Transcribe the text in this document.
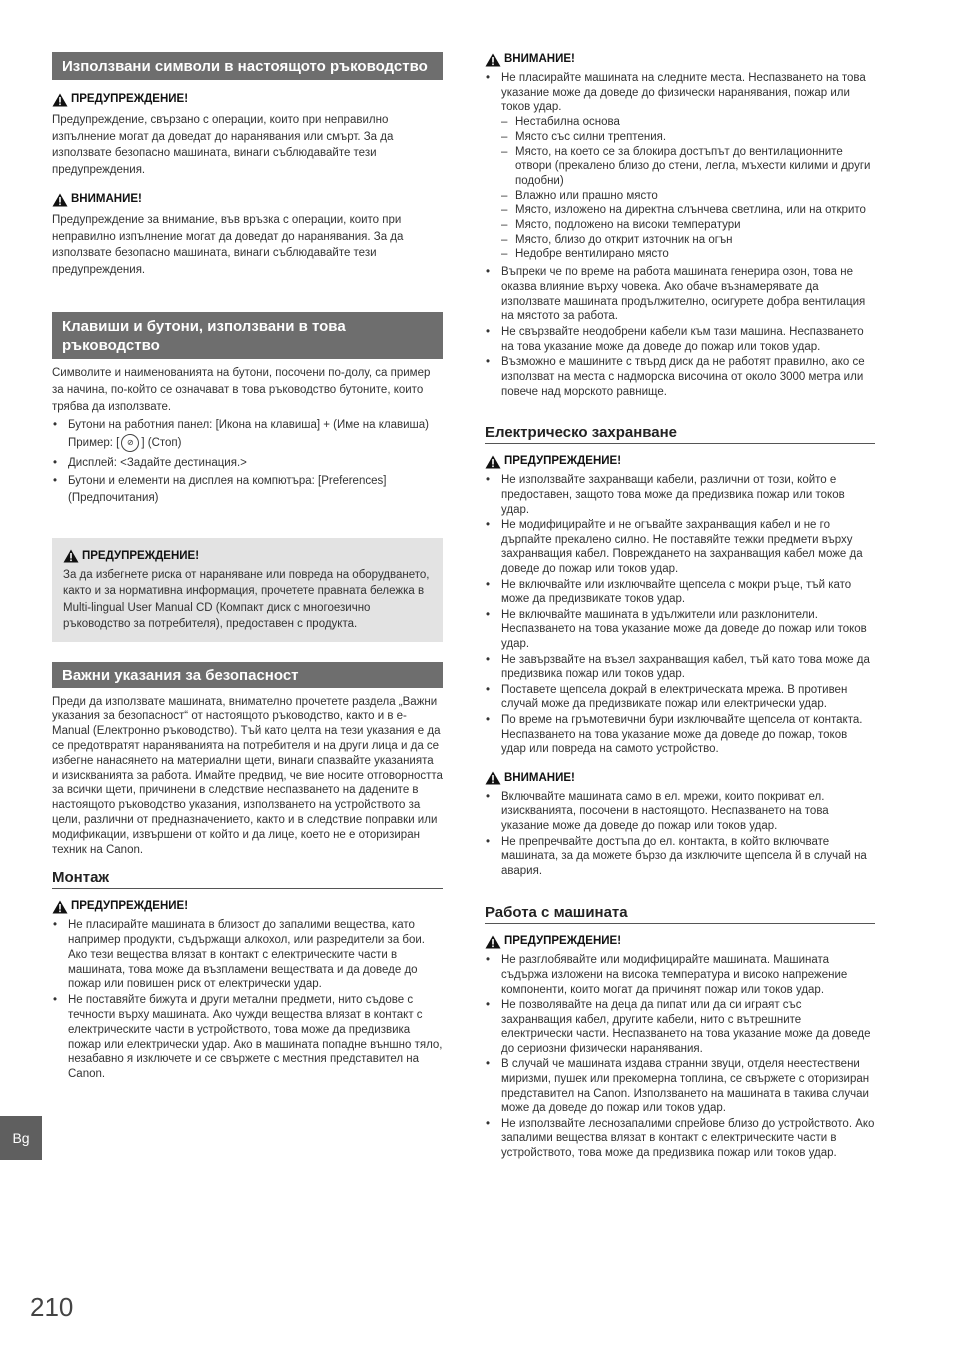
Използвани символи в настоящото ръководство
ПРЕДУПРЕЖДЕНИЕ!

Предупреждение, свързано с операции, които при неправилно изпълнение могат да доведат до наранявания или смърт. За да използвате безопасно машината, винаги съблюдавайте тези предупреждения.

ВНИМАНИЕ!

Предупреждение за внимание, във връзка с операции, които при неправилно изпълнение могат да доведат до наранявания. За да използвате безопасно машината, винаги съблюдавайте тези предупреждения.

Клавиши и бутони, използвани в това ръководство

Символите и наименованията на бутони, посочени по-долу, са пример за начина, по-който се означават в това ръководство бутоните, които трябва да използвате.

• Бутони на работния панел: [Икона на клавиша] + (Име на клавиша)
Пример: [ ⊘ ] (Стоп)
• Дисплей: <Задайте дестинация.>
• Бутони и елементи на дисплея на компютъра: [Preferences] (Предпочитания)
ПРЕДУПРЕЖДЕНИЕ!

За да избегнете риска от нараняване или повреда на оборудването, както и за нормативна информация, прочетете правната бележка в Multi-lingual User Manual CD (Компакт диск с многоезично ръководство за потребителя), предоставен с продукта.

Важни указания за безопасност

Преди да използвате машината, внимателно прочетете раздела „Важни указания за безопасност“ от настоящото ръководство, както и в e-Manual (Електронно ръководство). Тъй като целта на тези указания е да се предотвратят нараняванията на потребителя и на други лица и да се избегне нанасянето на материални щети, винаги спазвайте указанията и изискванията за работа. Имайте предвид, че вие носите отговорността за всички щети, причинени в следствие неспазването на дадените в настоящото ръководство указания, използването на устройството за цели, различни от предназначението, както и в следствие поправки или модификации, извършени от който и да лице, което не е оторизиран техник на Canon.

Монтаж
ПРЕДУПРЕЖДЕНИЕ!
• Не пласирайте машината в близост до запалими вещества, като например продукти, съдържащи алкохол, или разредители за бои. Ако тези вещества влязат в контакт с електрическите части в машината, това може да възпламени веществата и да доведе до пожар или повишен риск от електрически удар.
• Не поставяйте бижута и други метални предмети, нито съдове с течности върху машината. Ако чужди вещества влязат в контакт с електрическите части в устройството, това може да предизвика пожар или електрически удар. Ако в машината попадне външно тяло, незабавно я изключете и се свържете с местния представител на Canon.
ВНИМАНИЕ!
• Не пласирайте машината на следните места. Неспазването на това указание може да доведе до физически наранявания, пожар или токов удар.
– Нестабилна основа
– Място със силни трептения.
– Място, на което се за блокира достъпът до вентилационните отвори (прекалено близо до стени, легла, мъхести килими и други подобни)
– Влажно или прашно място
– Място, изложено на директна слънчева светлина, или на открито
– Място, подложено на високи температури
– Място, близо до открит източник на огън
– Недобре вентилирано място
• Въпреки че по време на работа машината генерира озон, това не оказва влияние върху човека. Ако обаче възнамерявате да използвате машината продължително, осигурете добра вентилация на мястото за работа.
• Не свързвайте неодобрени кабели към тази машина. Неспазването на това указание може да доведе до пожар или токов удар.
• Възможно е машините с твърд диск да не работят правилно, ако се използват на места с надморска височина от около 3000 метра или повече над морското равнище.
Електрическо захранване
ПРЕДУПРЕЖДЕНИЕ!
• Не използвайте захранващи кабели, различни от този, който е предоставен, защото това може да предизвика пожар или токов удар.
• Не модифицирайте и не огъвайте захранващия кабел и не го дърпайте прекалено силно. Не поставяйте тежки предмети върху захранващия кабел. Повреждането на захранващия кабел може да доведе до пожар или токов удар.
• Не включвайте или изключвайте щепсела с мокри ръце, тъй като може да предизвикате токов удар.
• Не включвайте машината в удължители или разклонители. Неспазването на това указание може да доведе до пожар или токов удар.
• Не завързвайте на възел захранващия кабел, тъй като това може да предизвика пожар или токов удар.
• Поставете щепсела докрай в електрическата мрежа. В противен случай може да предизвикате пожар или електрически удар.
• По време на гръмотевични бури изключвайте щепсела от контакта. Неспазването на това указание може да доведе до пожар, токов удар или повреда на самото устройство.
ВНИМАНИЕ!
• Включвайте машината само в ел. мрежи, които покриват ел. изискванията, посочени в настоящото. Неспазването на това указание може да доведе до пожар или токов удар.
• Не препречвайте достъпа до ел. контакта, в който включвате машината, за да можете бързо да изключите щепсела й в случай на авария.
Работа с машината
ПРЕДУПРЕЖДЕНИЕ!
• Не разглобявайте или модифицирайте машината. Машината съдържа изложени на висока температура и високо напрежение компоненти, които могат да причинят пожар или токов удар.
• Не позволявайте на деца да пипат или да си играят със захранващия кабел, другите кабели, нито с вътрешните електрически части. Неспазването на това указание може да доведе до сериозни физически наранявания.
• В случай че машината издава странни звуци, отделя неестествени миризми, пушек или прекомерна топлина, се свържете с оторизиран представител на Canon. Използването на машината в такива случаи може да доведе до пожар или токов удар.
• Не използвайте леснозапалими спрейове близо до устройството. Ако запалими вещества влязат в контакт с електрическите части в устройството, това може да предизвика пожар или токов удар.
Bg
210
